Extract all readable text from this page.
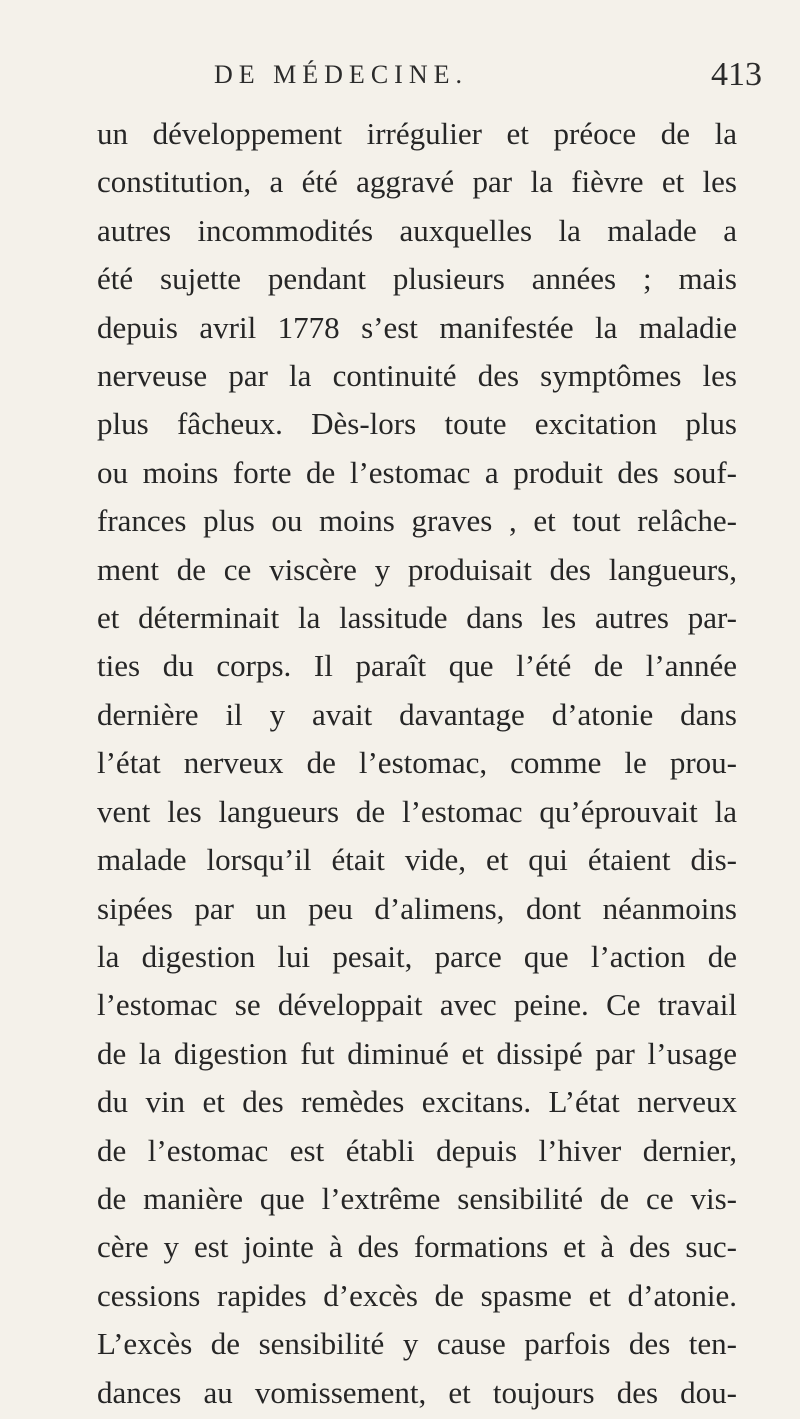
DE MÉDECINE.	413
un développement irrégulier et préoce de la
constitution, a été aggravé par la fièvre et les
autres incommodités auxquelles la malade a
été sujette pendant plusieurs années ; mais
depuis avril 1778 s’est manifestée la maladie
nerveuse par la continuité des symptômes les
plus fâcheux. Dès-lors toute excitation plus
ou moins forte de l’estomac a produit des souf-
frances plus ou moins graves , et tout relâche-
ment de ce viscère y produisait des langueurs,
et déterminait la lassitude dans les autres par-
ties du corps. Il paraît que l’été de l’année
dernière il y avait davantage d’atonie dans
l’état nerveux de l’estomac, comme le prou-
vent les langueurs de l’estomac qu’éprouvait la
malade lorsqu’il était vide, et qui étaient dis-
sipées par un peu d’alimens, dont néanmoins
la digestion lui pesait, parce que l’action de
l’estomac se développait avec peine. Ce travail
de la digestion fut diminué et dissipé par l’usage
du vin et des remèdes excitans. L’état nerveux
de l’estomac est établi depuis l’hiver dernier,
de manière que l’extrême sensibilité de ce vis-
cère y est jointe à des formations et à des suc-
cessions rapides d’excès de spasme et d’atonie.
L’excès de sensibilité y cause parfois des ten-
dances au vomissement, et toujours des dou-
